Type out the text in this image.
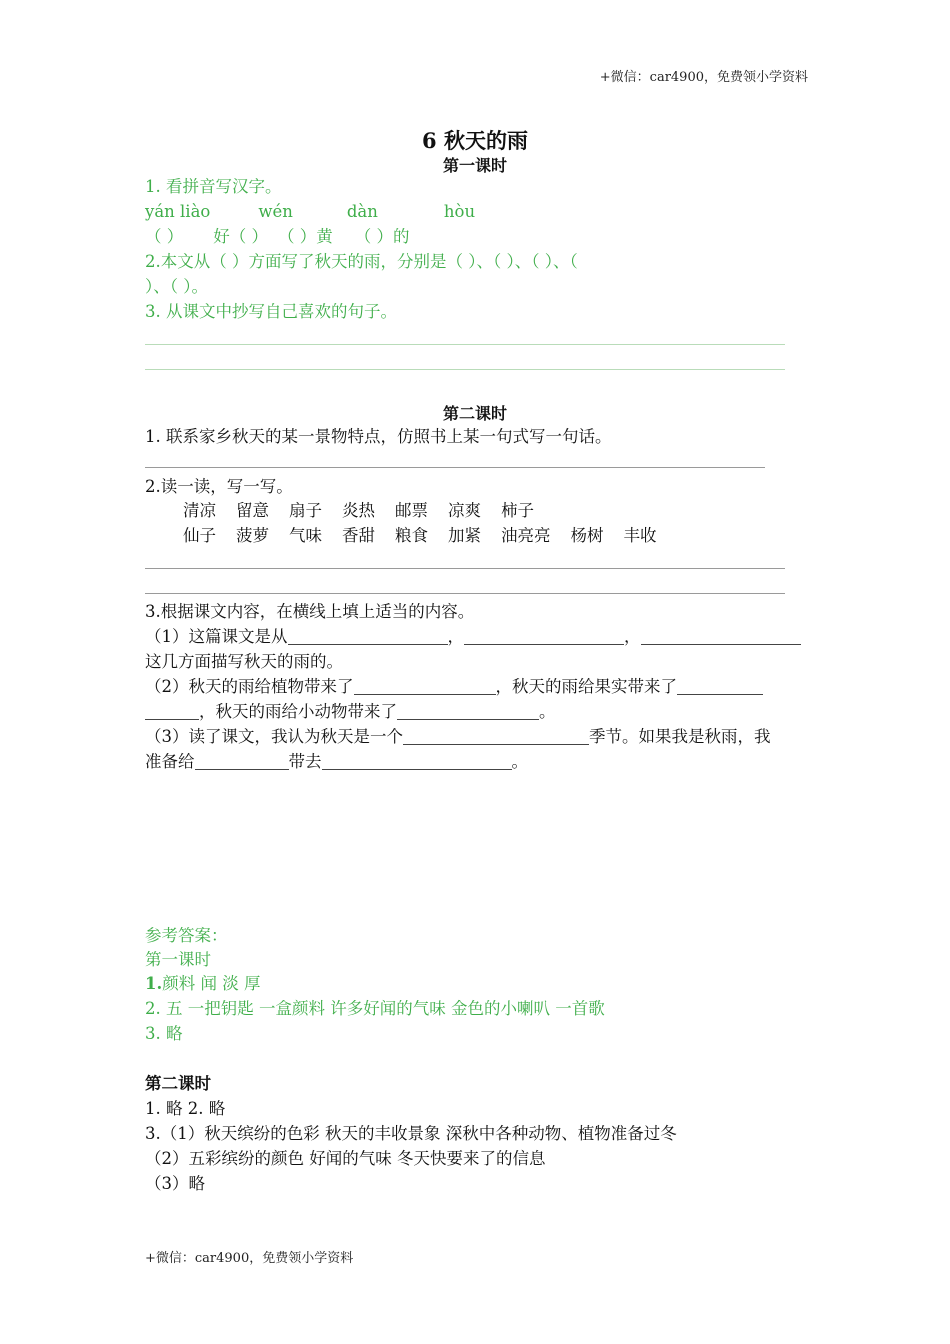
+微信：car4900，免费领小学资料
+微信：car4900，免费领小学资料
6 秋天的雨
第一课时
1. 看拼音写汉字。
yán liào	wén	dàn	hòu
（ ） 好（ ） （ ）黄 （ ）的
2.本文从（ ）方面写了秋天的雨，分别是（ ）、（ ）、（ ）、（
）、（ ）。
3. 从课文中抄写自己喜欢的句子。
第二课时
1. 联系家乡秋天的某一景物特点，仿照书上某一句式写一句话。
2.读一读，写一写。
清凉 留意 扇子 炎热 邮票 凉爽 柿子
仙子 菠萝 气味 香甜 粮食 加紧 油亮亮 杨树 丰收
3.根据课文内容，在横线上填上适当的内容。
（1）这篇课文是从	，	，
这几方面描写秋天的雨的。
（2）秋天的雨给植物带来了	，秋天的雨给果实带来了
，秋天的雨给小动物带来了	。
（3）读了课文，我认为秋天是一个	季节。如果我是秋雨，我
准备给	带去	。
参考答案：
第一课时
1.颜料 闻 淡 厚
2. 五 一把钥匙 一盒颜料 许多好闻的气味 金色的小喇叭 一首歌
3. 略
第二课时
1. 略 2. 略
3.（1）秋天缤纷的色彩 秋天的丰收景象 深秋中各种动物、植物准备过冬
（2）五彩缤纷的颜色 好闻的气味 冬天快要来了的信息
（3）略
